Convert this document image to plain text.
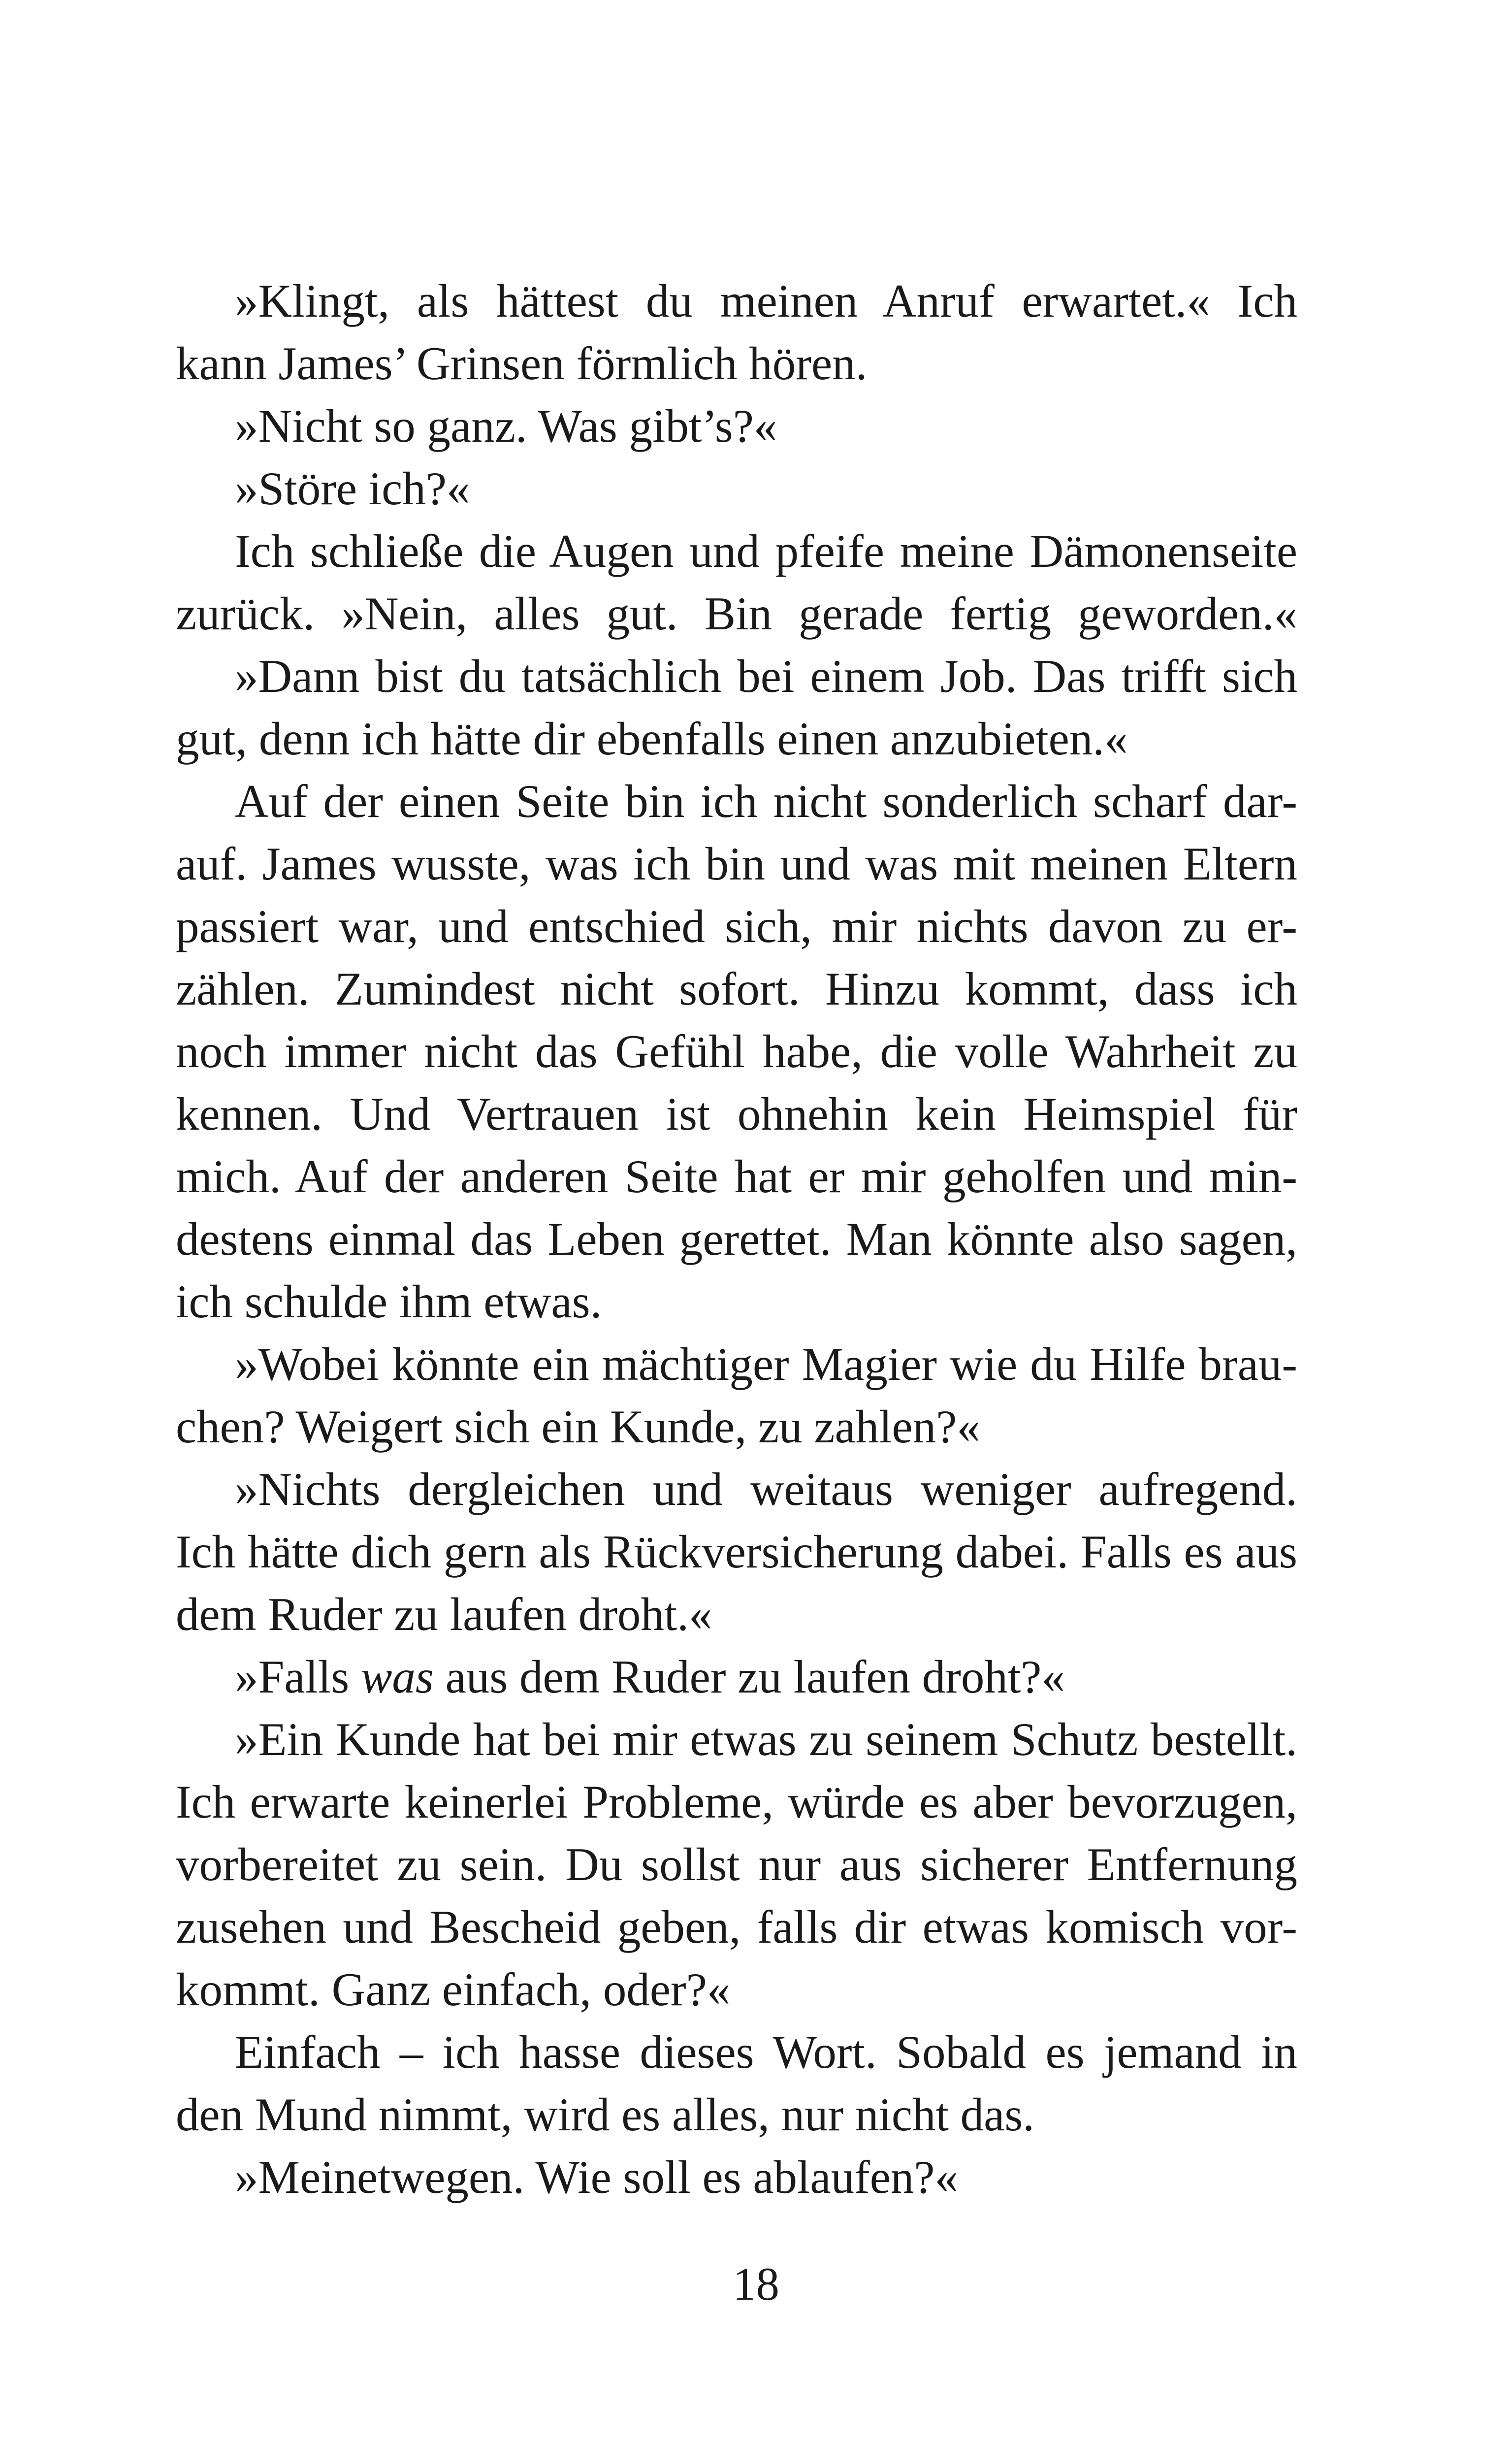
»Klingt, als hättest du meinen Anruf erwartet.« Ich
kann James’ Grinsen förmlich hören.
»Nicht so ganz. Was gibt’s?«
»Störe ich?«
Ich schließe die Augen und pfeife meine Dämonenseite
zurück. »Nein, alles gut. Bin gerade fertig geworden.«
»Dann bist du tatsächlich bei einem Job. Das trifft sich
gut, denn ich hätte dir ebenfalls einen anzubieten.«
Auf der einen Seite bin ich nicht sonderlich scharf dar-
auf. James wusste, was ich bin und was mit meinen Eltern
passiert war, und entschied sich, mir nichts davon zu er-
zählen. Zumindest nicht sofort. Hinzu kommt, dass ich
noch immer nicht das Gefühl habe, die volle Wahrheit zu
kennen. Und Vertrauen ist ohnehin kein Heimspiel für
mich. Auf der anderen Seite hat er mir geholfen und min-
destens einmal das Leben gerettet. Man könnte also sagen,
ich schulde ihm etwas.
»Wobei könnte ein mächtiger Magier wie du Hilfe brau-
chen? Weigert sich ein Kunde, zu zahlen?«
»Nichts dergleichen und weitaus weniger aufregend.
Ich hätte dich gern als Rückversicherung dabei. Falls es aus
dem Ruder zu laufen droht.«
»Falls was aus dem Ruder zu laufen droht?«
»Ein Kunde hat bei mir etwas zu seinem Schutz bestellt.
Ich erwarte keinerlei Probleme, würde es aber bevorzugen,
vorbereitet zu sein. Du sollst nur aus sicherer Entfernung
zusehen und Bescheid geben, falls dir etwas komisch vor-
kommt. Ganz einfach, oder?«
Einfach – ich hasse dieses Wort. Sobald es jemand in
den Mund nimmt, wird es alles, nur nicht das.
»Meinetwegen. Wie soll es ablaufen?«
18
